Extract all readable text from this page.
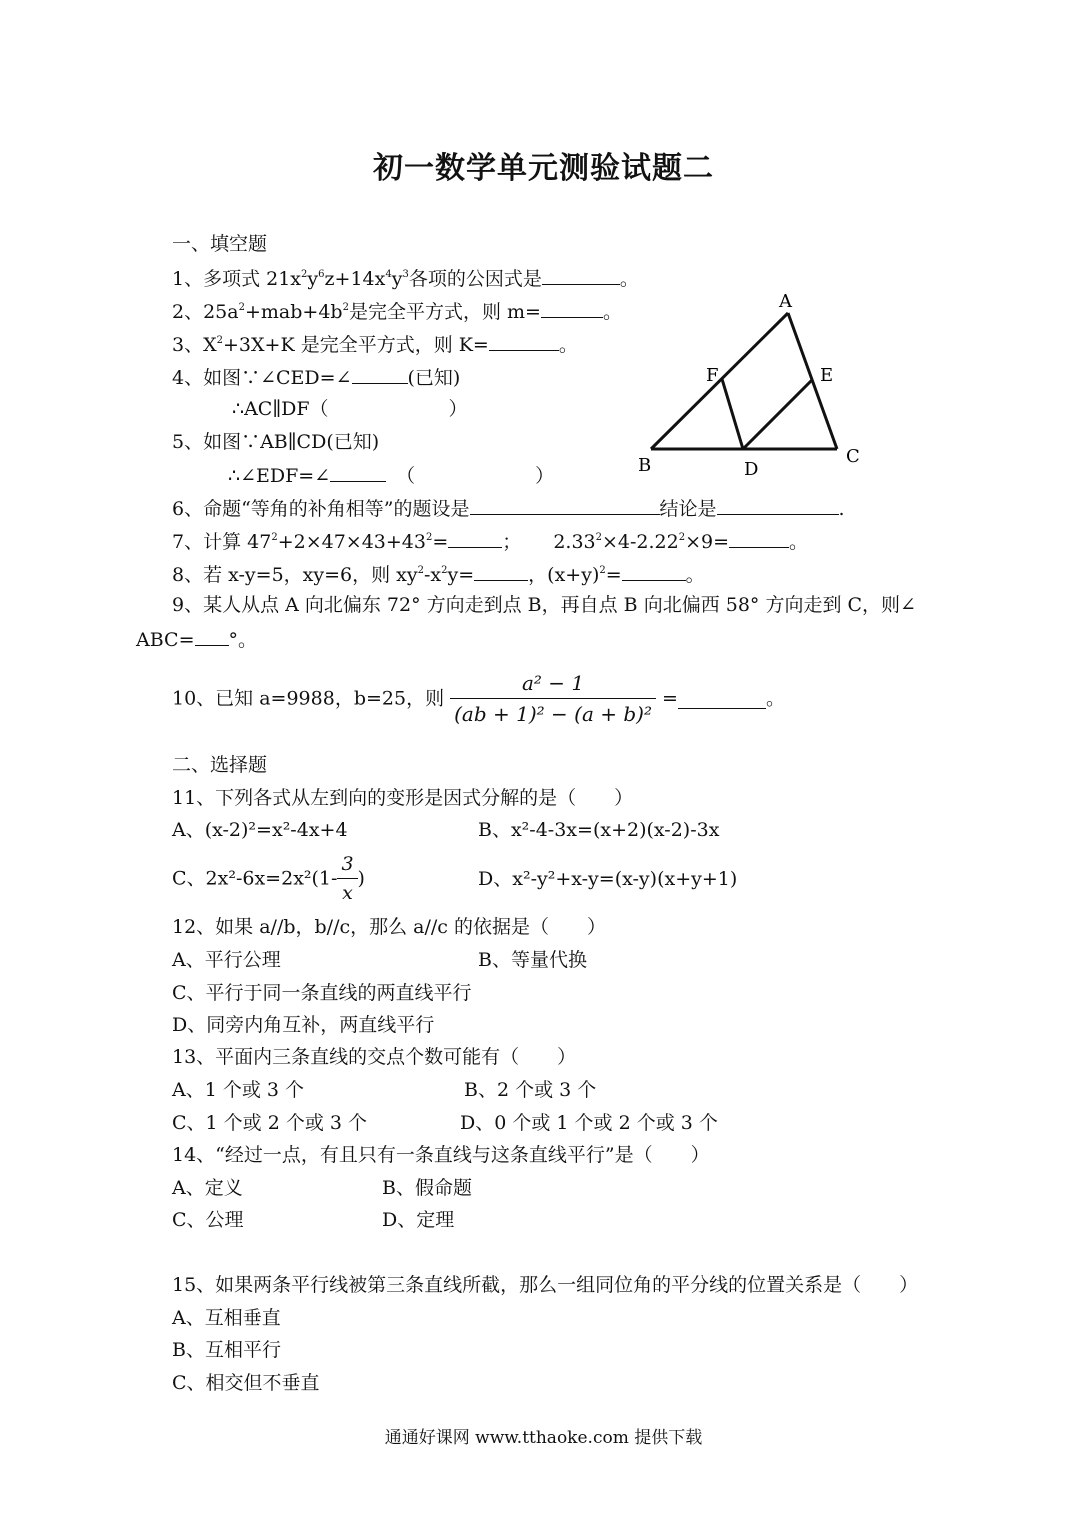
初一数学单元测验试题二
一、填空题
1、多项式 $21x^2y^6z+14x^4y^3$各项的公因式是	。
2、$25a^2+mab+4b^2$是完全平方式，则 m=	。
3、$X^2+3X+K$ 是完全平方式，则 K=	。
4、如图∵∠CED=∠	(已知)
∴AC∥DF（	）
5、如图∵AB∥CD(已知)
∴∠EDF=∠	（	）
A
B	C
D
E
F
6、命题“等角的补角相等”的题设是	结论是	.
7、计算 $47^2+2\times 47\times 43+43^2=$	； $2.33^2\times 4-2.22^2\times 9=$	。
8、若 x-y=5，xy=6，则 $xy^2-x^2y=$	，$(x+y)^2=$	。
9、某人从点 A 向北偏东 72° 方向走到点 B，再自点 B 向北偏西 58° 方向走到 C，则∠
ABC= °。
10、已知 a=9988，b=25，则 $\frac{\text{a² − 1}}{\text{(ab + 1)² − (a + b)²}}$ =	。
二、选择题
11、下列各式从左到向的变形是因式分解的是（　　）
A、(x-2)²=x²-4x+4	B、x²-4-3x=(x+2)(x-2)-3x
C、$2x^2-6x=2x^2(1- \frac{3}{x}$ )	D、x²-y²+x-y=(x-y)(x+y+1)
12、如果 a//b，b//c，那么 a//c 的依据是（　　）
A、平行公理	B、等量代换
C、平行于同一条直线的两直线平行
D、同旁内角互补，两直线平行
13、平面内三条直线的交点个数可能有（　　）
A、1 个或 3 个	B、2 个或 3 个
C、1 个或 2 个或 3 个	D、0 个或 1 个或 2 个或 3 个
14、“经过一点，有且只有一条直线与这条直线平行”是（　　）
A、定义	B、假命题
C、公理	D、定理
15、如果两条平行线被第三条直线所截，那么一组同位角的平分线的位置关系是（　　）
A、互相垂直
B、互相平行
C、相交但不垂直
通通好课网 www.tthaoke.com 提供下载
